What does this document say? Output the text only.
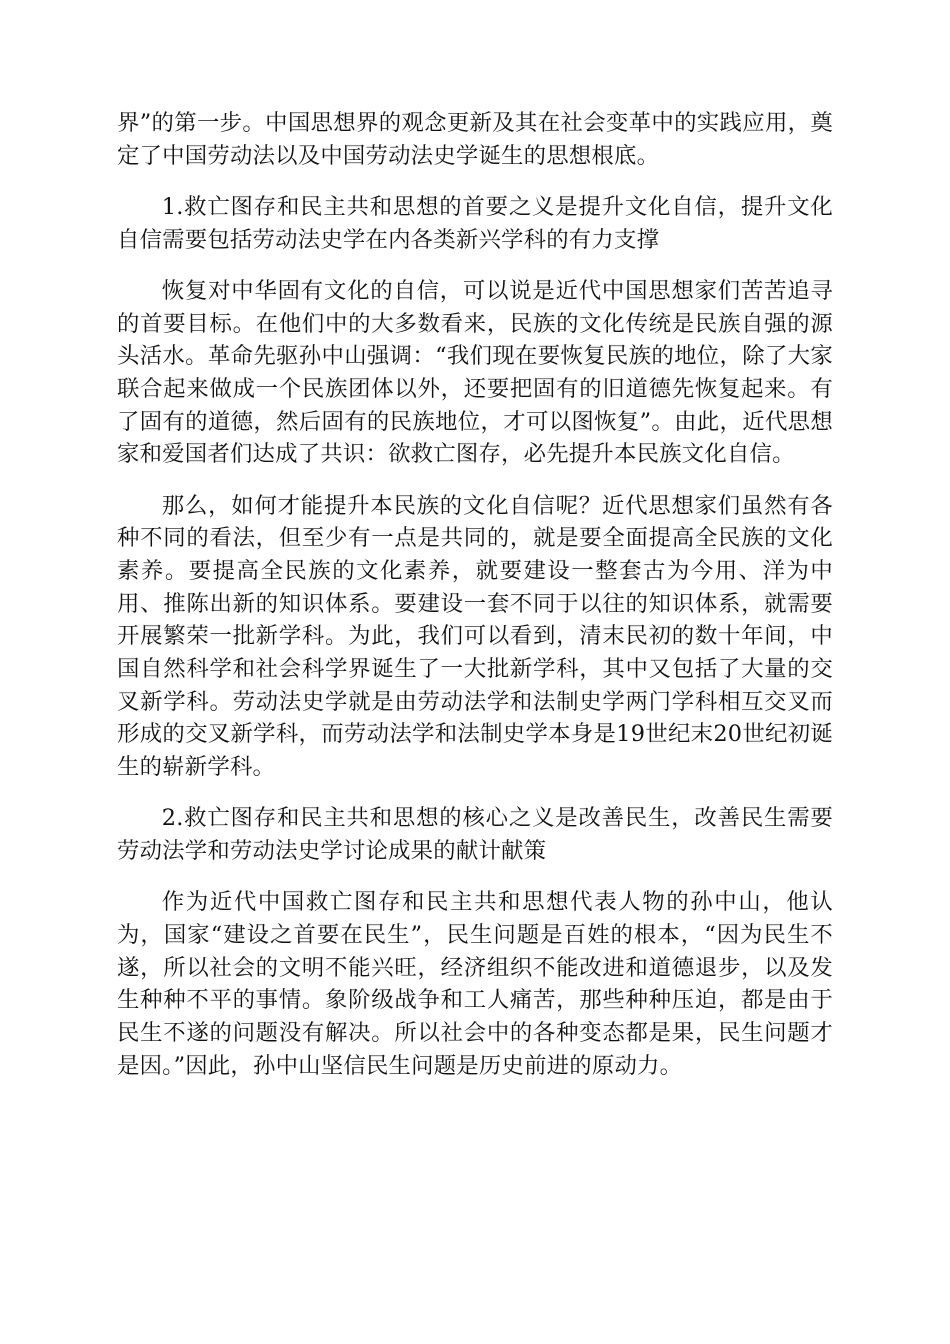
界”的第一步。中国思想界的观念更新及其在社会变革中的实践应用，奠定了中国劳动法以及中国劳动法史学诞生的思想根底。

1.救亡图存和民主共和思想的首要之义是提升文化自信，提升文化自信需要包括劳动法史学在内各类新兴学科的有力支撑

恢复对中华固有文化的自信，可以说是近代中国思想家们苦苦追寻的首要目标。在他们中的大多数看来，民族的文化传统是民族自强的源头活水。革命先驱孙中山强调：“我们现在要恢复民族的地位，除了大家联合起来做成一个民族团体以外，还要把固有的旧道德先恢复起来。有了固有的道德，然后固有的民族地位，才可以图恢复”。由此，近代思想家和爱国者们达成了共识：欲救亡图存，必先提升本民族文化自信。

那么，如何才能提升本民族的文化自信呢？近代思想家们虽然有各种不同的看法，但至少有一点是共同的，就是要全面提高全民族的文化素养。要提高全民族的文化素养，就要建设一整套古为今用、洋为中用、推陈出新的知识体系。要建设一套不同于以往的知识体系，就需要开展繁荣一批新学科。为此，我们可以看到，清末民初的数十年间，中国自然科学和社会科学界诞生了一大批新学科，其中又包括了大量的交叉新学科。劳动法史学就是由劳动法学和法制史学两门学科相互交叉而形成的交叉新学科，而劳动法学和法制史学本身是19世纪末20世纪初诞生的崭新学科。

2.救亡图存和民主共和思想的核心之义是改善民生，改善民生需要劳动法学和劳动法史学讨论成果的献计献策

作为近代中国救亡图存和民主共和思想代表人物的孙中山，他认为，国家“建设之首要在民生”，民生问题是百姓的根本，“因为民生不遂，所以社会的文明不能兴旺，经济组织不能改进和道德退步，以及发生种种不平的事情。象阶级战争和工人痛苦，那些种种压迫，都是由于民生不遂的问题没有解决。所以社会中的各种变态都是果，民生问题才是因。”因此，孙中山坚信民生问题是历史前进的原动力。
